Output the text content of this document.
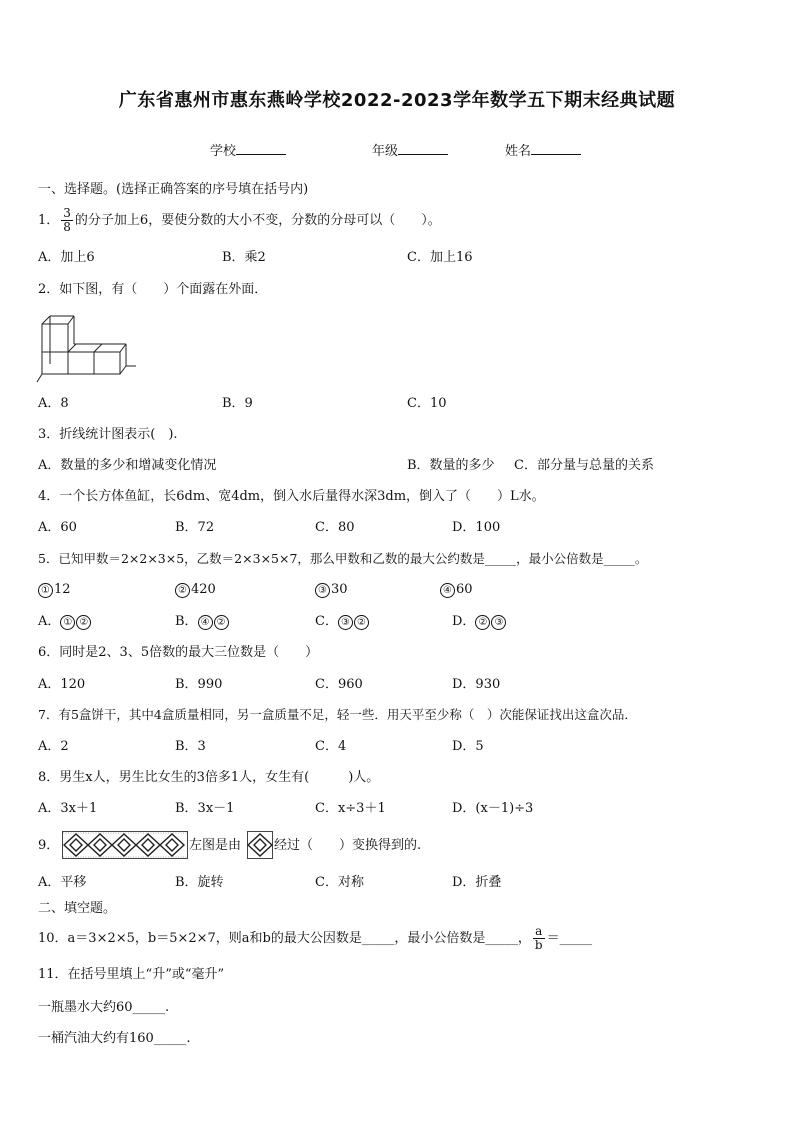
广东省惠州市惠东燕岭学校2022-2023学年数学五下期末经典试题
学校	年级	姓名
一、选择题。(选择正确答案的序号填在括号内)
1． $\frac{3}{8}$ 的分子加上6，要使分数的大小不变，分数的分母可以（　　）。
A．加上6	B．乘2	C．加上16
2．如下图，有（　　）个面露在外面．
A．8	B．9	C．10
3．折线统计图表示(　).
A．数量的多少和增减变化情况	B．数量的多少 C．部分量与总量的关系
4．一个长方体鱼缸，长6dm、宽4dm，倒入水后量得水深3dm，倒入了（　　）L水。
A．60	B．72	C．80	D．100
5．已知甲数＝2×2×3×5，乙数＝2×3×5×7，那么甲数和乙数的最大公约数是_____，最小公倍数是_____。
① 12	② 420	③ 30	④ 60
A． ① ②	B． ④ ②	C． ③ ②	D． ② ③
6．同时是2、3、5倍数的最大三位数是（　　）
A．120	B．990	C．960	D．930
7．有5盒饼干，其中4盒质量相同，另一盒质量不足，轻一些．用天平至少称（　）次能保证找出这盒次品．
A．2	B．3	C．4	D．5
8．男生x人，男生比女生的3倍多1人，女生有(　　　)人。
A．3x＋1	B．3x－1	C．x÷3＋1	D．(x－1)÷3
9．	左图是由	经过（　　）变换得到的.
A．平移	B．旋转	C．对称	D．折叠
二、填空题。
10．a＝3×2×5，b＝5×2×7，则a和b的最大公因数是_____，最小公倍数是_____， $\frac{a}{b}$ ＝_____
11．在括号里填上“升”或“毫升”
一瓶墨水大约60_____.
一桶汽油大约有160_____.
